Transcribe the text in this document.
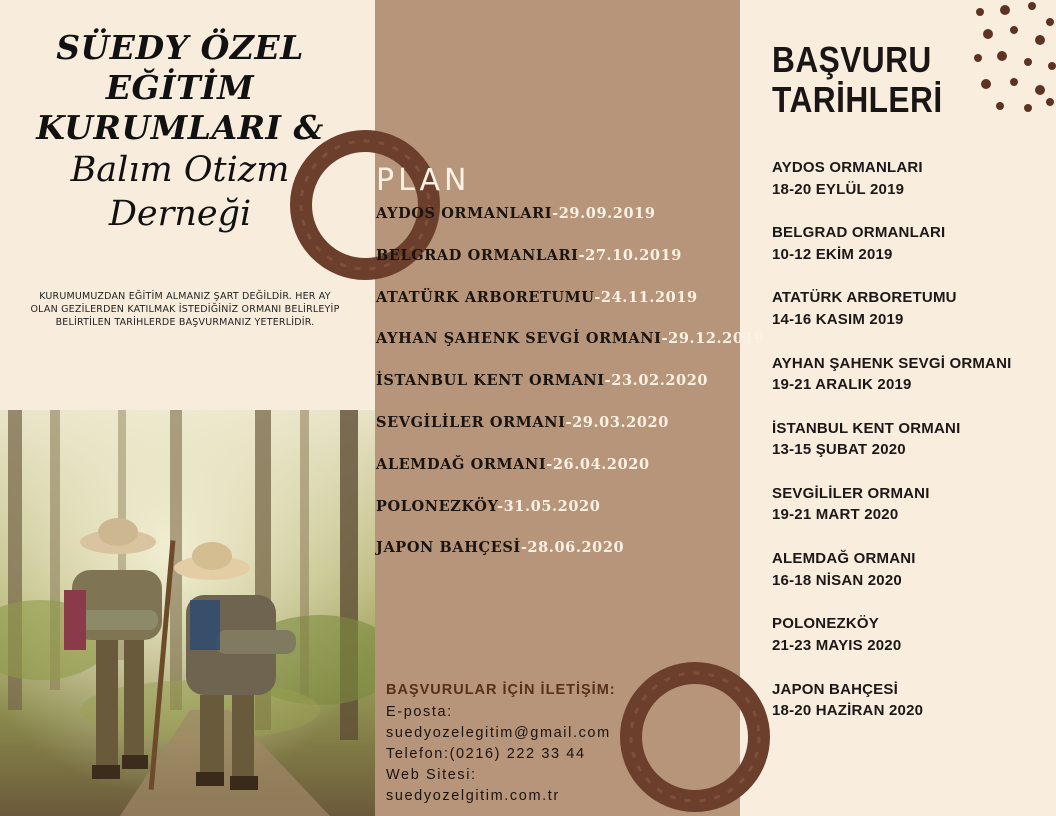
SÜEDY ÖZEL
EĞİTİM
KURUMLARI &
Balım Otizm
Derneği
KURUMUMUZDAN EĞİTİM ALMANIZ ŞART DEĞİLDİR. HER AY OLAN GEZİLERDEN KATILMAK İSTEDİĞİNİZ ORMANI BELİRLEYİP BELİRTİLEN TARİHLERDE BAŞVURMANIZ YETERLİDİR.
PLAN
AYDOS ORMANLARI-29.09.2019
BELGRAD ORMANLARI-27.10.2019
ATATÜRK ARBORETUMU-24.11.2019
AYHAN ŞAHENK SEVGİ ORMANI-29.12.2019
İSTANBUL KENT ORMANI-23.02.2020
SEVGİLİLER ORMANI-29.03.2020
ALEMDAĞ ORMANI-26.04.2020
POLONEZKÖY-31.05.2020
JAPON BAHÇESİ-28.06.2020
BAŞVURULAR İÇİN İLETİŞİM:
E-posta:
suedyozelegitim@gmail.com
Telefon:(0216) 222 33 44
Web Sitesi:
suedyozelgitim.com.tr
BAŞVURU
TARİHLERİ
AYDOS ORMANLARI
18-20 EYLÜL 2019
BELGRAD ORMANLARI
10-12 EKİM 2019
ATATÜRK ARBORETUMU
14-16 KASIM 2019
AYHAN ŞAHENK SEVGİ ORMANI
19-21 ARALIK 2019
İSTANBUL KENT ORMANI
13-15 ŞUBAT 2020
SEVGİLİLER ORMANI
19-21 MART 2020
ALEMDAĞ ORMANI
16-18 NİSAN 2020
POLONEZKÖY
21-23 MAYIS 2020
JAPON BAHÇESİ
18-20 HAZİRAN 2020
